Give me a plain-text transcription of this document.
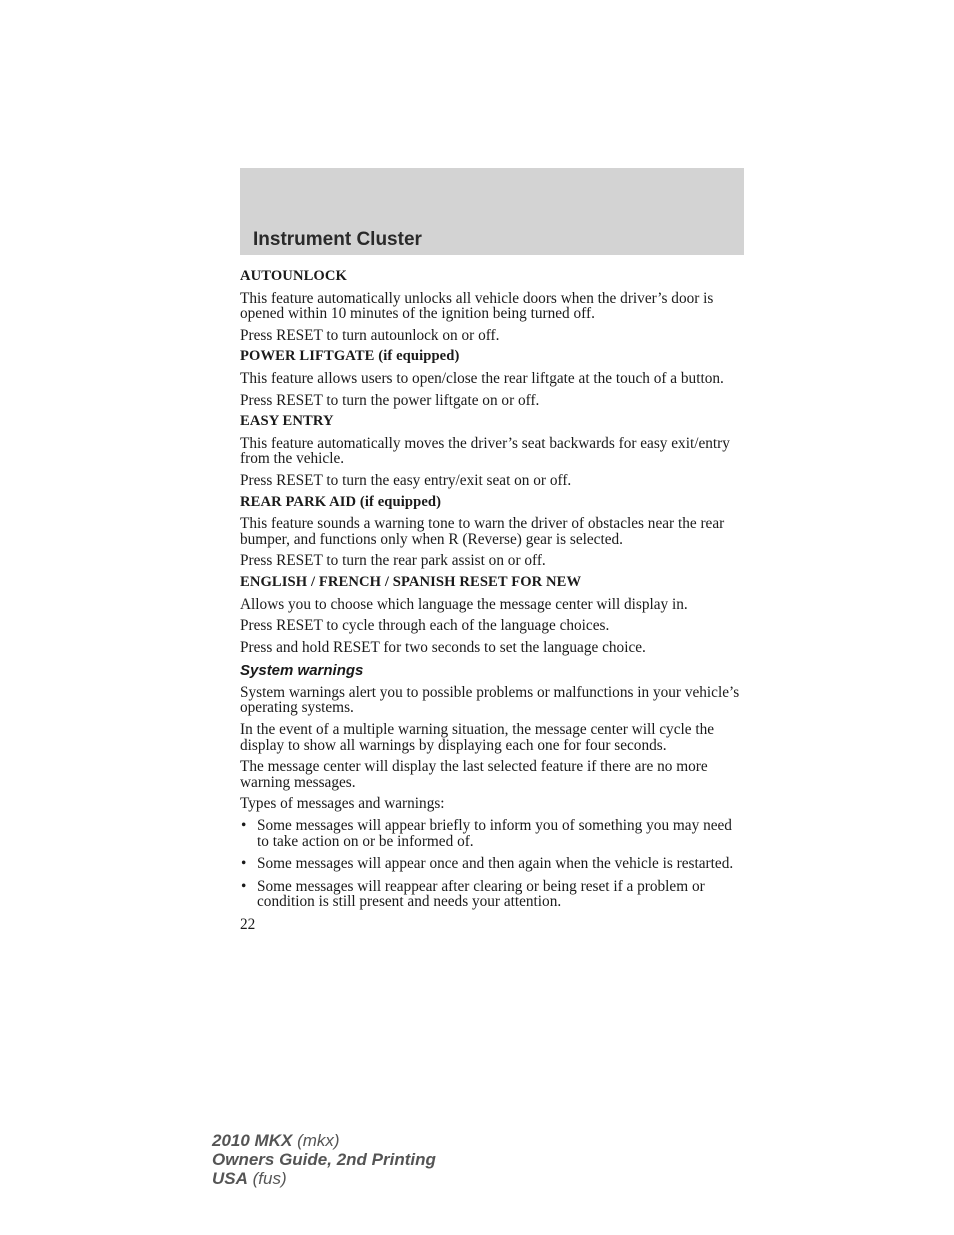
Instrument Cluster
AUTOUNLOCK

This feature automatically unlocks all vehicle doors when the driver’s door is opened within 10 minutes of the ignition being turned off.

Press RESET to turn autounlock on or off.

POWER LIFTGATE (if equipped)

This feature allows users to open/close the rear liftgate at the touch of a button.

Press RESET to turn the power liftgate on or off.

EASY ENTRY

This feature automatically moves the driver’s seat backwards for easy exit/entry from the vehicle.

Press RESET to turn the easy entry/exit seat on or off.

REAR PARK AID (if equipped)

This feature sounds a warning tone to warn the driver of obstacles near the rear bumper, and functions only when R (Reverse) gear is selected.

Press RESET to turn the rear park assist on or off.

ENGLISH / FRENCH / SPANISH RESET FOR NEW

Allows you to choose which language the message center will display in.

Press RESET to cycle through each of the language choices.

Press and hold RESET for two seconds to set the language choice.

System warnings

System warnings alert you to possible problems or malfunctions in your vehicle’s operating systems.

In the event of a multiple warning situation, the message center will cycle the display to show all warnings by displaying each one for four seconds.

The message center will display the last selected feature if there are no more warning messages.

Types of messages and warnings:

• Some messages will appear briefly to inform you of something you may need to take action on or be informed of.
• Some messages will appear once and then again when the vehicle is restarted.
• Some messages will reappear after clearing or being reset if a problem or condition is still present and needs your attention.
22
2010 MKX (mkx)
Owners Guide, 2nd Printing
USA (fus)
